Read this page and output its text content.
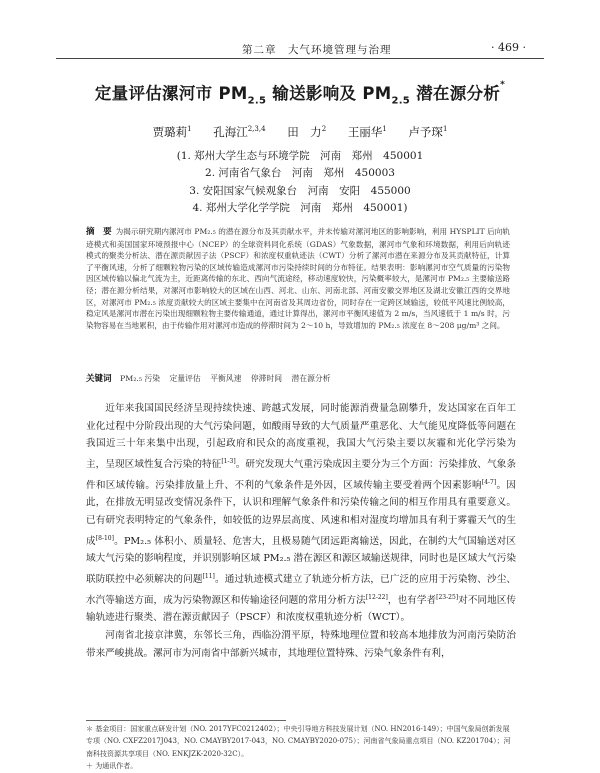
第二章　大气环境管理与治理	· 469 ·
定量评估漯河市 $PM_{2.5}$ 输送影响及 $PM_{2.5}$ 潜在源分析*
贾璐莉$^1$ 孔海江$^{2,3,4}$ 田　力$^2$ 王丽华$^1$ 卢予琛$^1$
(1. 郑州大学生态与环境学院　河南　郑州　450001
2. 河南省气象台　河南　郑州　450003
3. 安阳国家气候观象台　河南　安阳　455000
4. 郑州大学化学学院　河南　郑州　450001)
摘　要 为揭示研究期内漯河市 PM₂.₅ 的潜在源分布及其贡献水平，并未传输对漯河地区的影响影响，利用 HYSPLIT 后向轨迹模式和美国国家环境预报中心（NCEP）的全球资料同化系统（GDAS）气象数据，漯河市气象和环境数据，利用后向轨迹模式的聚类分析法、潜在源贡献因子法（PSCF）和浓度权重轨迹法（CWT）分析了漯河市潜在来源分布及其贡献特征，计算了平衡风速，分析了细颗粒物污染的区域传输造成漯河市污染持续时间的分布特征。结果表明：影响漯河市空气质量的污染物因区域传输以偏北气流为主，近距离传输的东北、西向气流途经，移动速度较快，污染概率较大，是漯河市 PM₂.₅ 主要输送路径；潜在源分析结果，对漯河市影响较大的区域在山西、河北、山东、河南北部、河南安徽交界地区及湖北安徽江西的交界地区，对漯河市 PM₂.₅ 浓度贡献较大的区域主要集中在河南省及其周边省份，同时存在一定跨区域输送，较低平风速比例较高，稳定风是漯河市潜在污染出现细颗粒物主要传输通道，通过计算得出，漯河市平衡风速值为 2 m/s，当风速低于 1 m/s 时，污染物容易在当地累积，由于传输作用对漯河市造成的停滞时间为 2～10 h，导致增加的 PM₂.₅ 浓度在 8～208 μg/m³ 之间。
关键词 PM₂.₅ 污染 定量评估 平衡风速 停滞时间 潜在源分析

近年来我国国民经济呈现持续快速、跨越式发展，同时能源消费量急剧攀升，发达国家在百年工业化过程中分阶段出现的大气污染问题，如酸雨导致的大气质量严重恶化、大气能见度降低等问题在我国近三十年来集中出现，引起政府和民众的高度重视，我国大气污染主要以灰霾和光化学污染为主，呈现区域性复合污染的特征[1-3]。研究发现大气重污染成因主要分为三个方面：污染排放、气象条件和区域传输。污染排放量上升、不利的气象条件是外因，区域传输主要受着两个因素影响[4-7]。因此，在排放无明显改变情况条件下，认识和理解气象条件和污染传输之间的相互作用具有重要意义。已有研究表明特定的气象条件，如较低的边界层高度、风速和相对湿度均增加具有利于雾霾天气的生成[8-10]。PM₂.₅ 体积小、质量轻、危害大，且极易随气团远距离输送，因此，在制约大气国输送对区域大气污染的影响程度，并识别影响区域 PM₂.₅ 潜在源区和源区域输送规律，同时也是区域大气污染联防联控中必须解决的问题[11]。通过轨迹模式建立了轨迹分析方法，已广泛的应用于污染物、沙尘、水汽等输送方面，成为污染物源区和传输途径问题的常用分析方法[12-22]，也有学者[23-25]对不同地区传输轨迹进行聚类、潜在源贡献因子（PSCF）和浓度权重轨迹分析（WCT）。

河南省北接京津冀，东邻长三角，西临汾渭平原，特殊地理位置和较高本地排放为河南污染防治带来严峻挑战。漯河市为河南省中部新兴城市，其地理位置特殊、污染气象条件有利，

＊ 基金项目：国家重点研发计划（NO. 2017YFC0212402）；中央引导地方科技发展计划（NO. HN2016-149）；中国气象局创新发展专项（NO. CXFZ2017J043，NO. CMAYBY2017-043，NO. CMAYBY2020-075）；河南省气象局重点项目（NO. KZ201704）；河南科技资源共享项目（NO. ENKJZK-2020-32C）。
＋ 为通讯作者。
